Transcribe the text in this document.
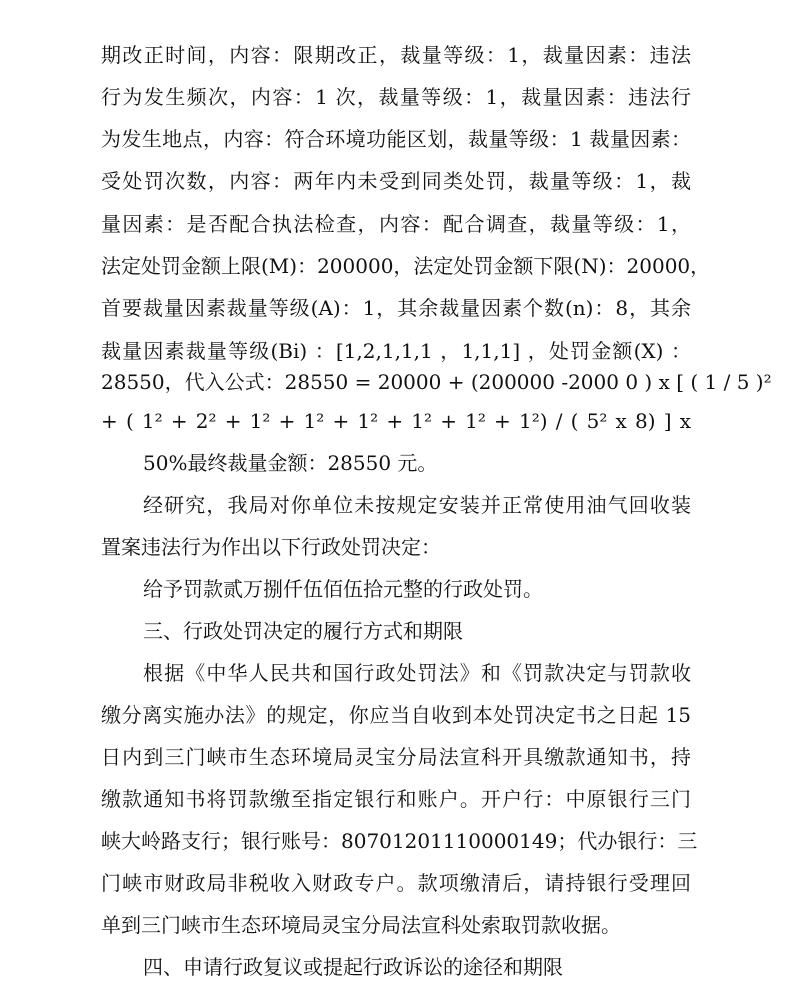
期改正时间，内容：限期改正，裁量等级：1，裁量因素：违法
行为发生频次，内容：1 次，裁量等级：1，裁量因素：违法行
为发生地点，内容：符合环境功能区划，裁量等级：1 裁量因素：
受处罚次数，内容：两年内未受到同类处罚，裁量等级：1，裁
量因素：是否配合执法检查，内容：配合调查，裁量等级：1，
法定处罚金额上限(M)：200000，法定处罚金额下限(N)：20000，
首要裁量因素裁量等级(A)：1，其余裁量因素个数(n)：8，其余
裁量因素裁量等级(Bi) ：[1,2,1,1,1 ，1,1,1] ，处罚金额(X) ：
28550，代入公式：28550 = 20000 + (200000 -2000 0 ) x [ ( 1 / 5 )²
+ ( 1² + 2² + 1² + 1² + 1² + 1² + 1² + 1²) / ( 5² x 8) ] x
50%最终裁量金额：28550 元。
经研究，我局对你单位未按规定安装并正常使用油气回收装
置案违法行为作出以下行政处罚决定：
给予罚款贰万捌仟伍佰伍拾元整的行政处罚。
三、行政处罚决定的履行方式和期限
根据《中华人民共和国行政处罚法》和《罚款决定与罚款收
缴分离实施办法》的规定，你应当自收到本处罚决定书之日起 15
日内到三门峡市生态环境局灵宝分局法宣科开具缴款通知书，持
缴款通知书将罚款缴至指定银行和账户。开户行：中原银行三门
峡大岭路支行；银行账号：80701201110000149；代办银行：三
门峡市财政局非税收入财政专户。款项缴清后，请持银行受理回
单到三门峡市生态环境局灵宝分局法宣科处索取罚款收据。
四、申请行政复议或提起行政诉讼的途径和期限
